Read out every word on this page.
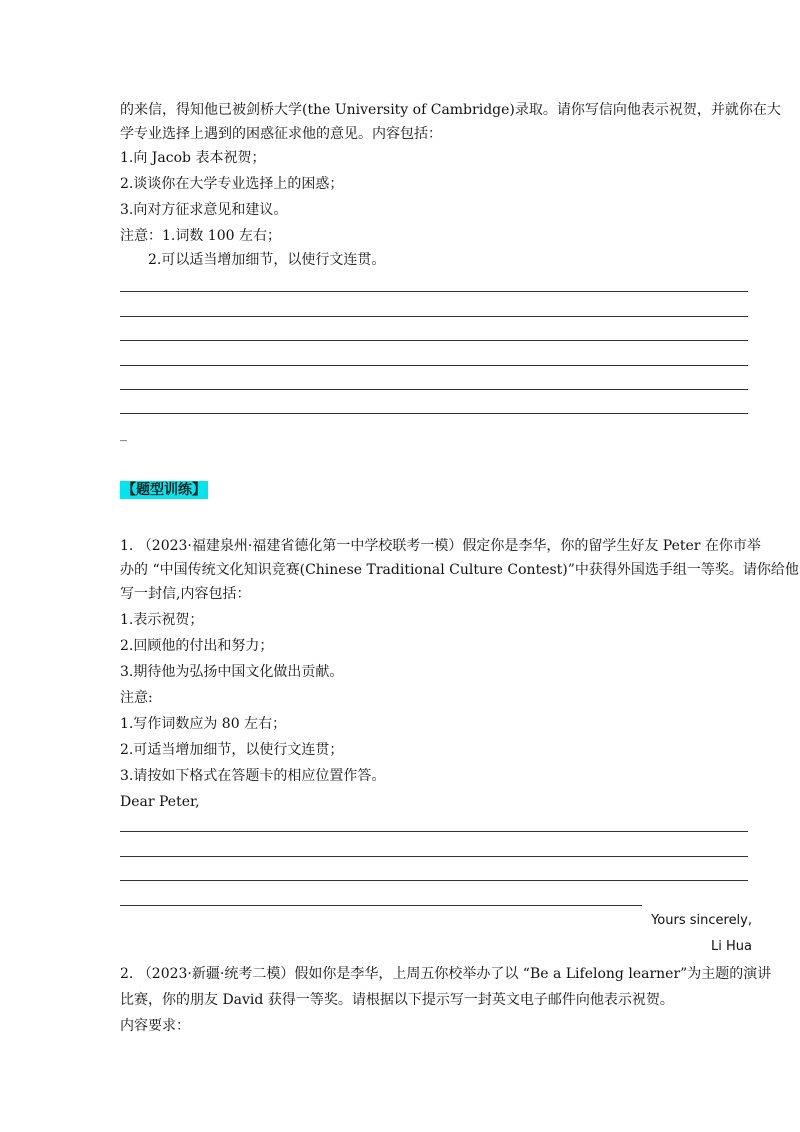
的来信，得知他已被剑桥大学(the University of Cambridge)录取。请你写信向他表示祝贺，并就你在大
学专业选择上遇到的困惑征求他的意见。内容包括：
1.向 Jacob 表本祝贺；
2.谈谈你在大学专业选择上的困惑；
3.向对方征求意见和建议。
注意：1.词数 100 左右；
2.可以适当增加细节，以使行文连贯。
_
【题型训练】
1. （2023·福建泉州·福建省德化第一中学校联考一模）假定你是李华，你的留学生好友 Peter 在你市举
办的 “中国传统文化知识竞赛(Chinese Traditional Culture Contest)”中获得外国选手组一等奖。请你给他
写一封信,内容包括：
1.表示祝贺；
2.回顾他的付出和努力；
3.期待他为弘扬中国文化做出贡献。
注意:
1.写作词数应为 80 左右；
2.可适当增加细节，以使行文连贯；
3.请按如下格式在答题卡的相应位置作答。
Dear Peter,
Yours sincerely,
Li Hua
2. （2023·新疆·统考二模）假如你是李华，上周五你校举办了以 “Be a Lifelong learner”为主题的演讲
比赛，你的朋友 David 获得一等奖。请根据以下提示写一封英文电子邮件向他表示祝贺。
内容要求：
